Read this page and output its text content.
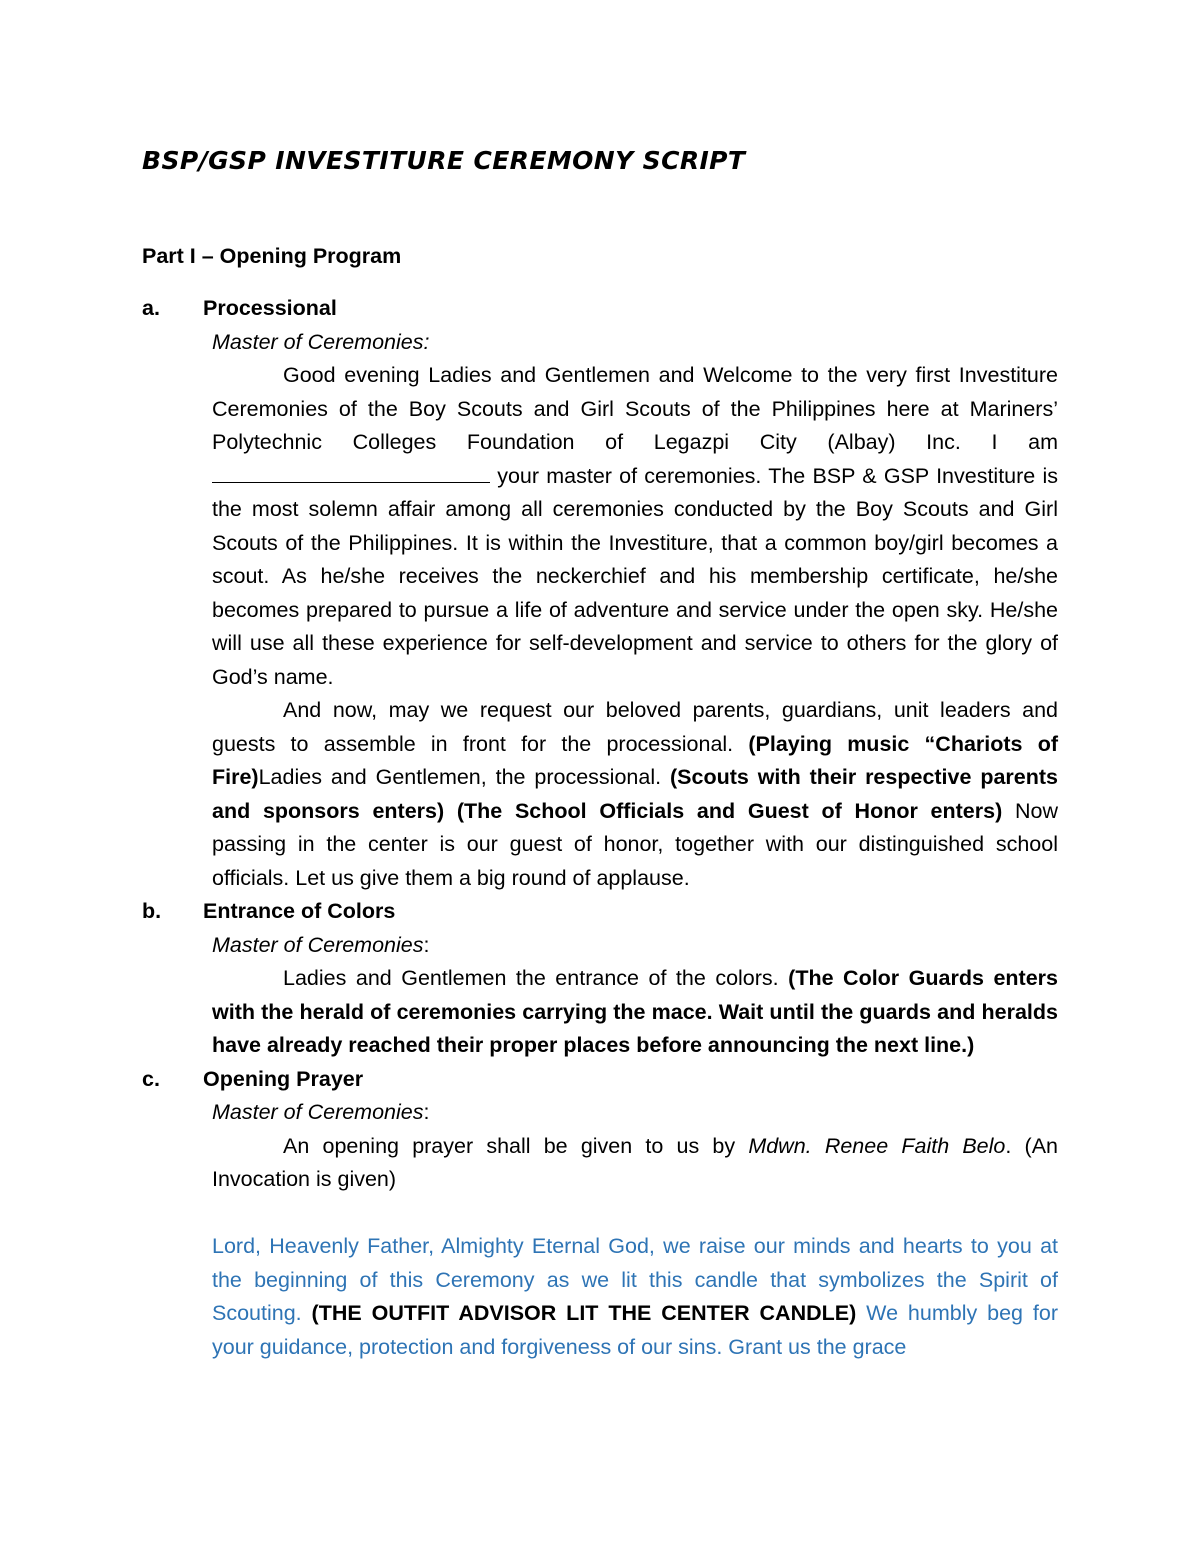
BSP/GSP INVESTITURE CEREMONY SCRIPT
Part I – Opening Program

a. Processional

Master of Ceremonies:

Good evening Ladies and Gentlemen and Welcome to the very first Investiture Ceremonies of the Boy Scouts and Girl Scouts of the Philippines here at Mariners’ Polytechnic Colleges Foundation of Legazpi City (Albay) Inc. I am  your master of ceremonies. The BSP & GSP Investiture is the most solemn affair among all ceremonies conducted by the Boy Scouts and Girl Scouts of the Philippines. It is within the Investiture, that a common boy/girl becomes a scout. As he/she receives the neckerchief and his membership certificate, he/she becomes prepared to pursue a life of adventure and service under the open sky. He/she will use all these experience for self-development and service to others for the glory of God’s name.

And now, may we request our beloved parents, guardians, unit leaders and guests to assemble in front for the processional. (Playing music “Chariots of Fire)Ladies and Gentlemen, the processional. (Scouts with their respective parents and sponsors enters) (The School Officials and Guest of Honor enters) Now passing in the center is our guest of honor, together with our distinguished school officials. Let us give them a big round of applause.

b. Entrance of Colors

Master of Ceremonies:

Ladies and Gentlemen the entrance of the colors. (The Color Guards enters with the herald of ceremonies carrying the mace. Wait until the guards and heralds have already reached their proper places before announcing the next line.)

c. Opening Prayer

Master of Ceremonies:

An opening prayer shall be given to us by Mdwn. Renee Faith Belo. (An Invocation is given)

Lord, Heavenly Father, Almighty Eternal God, we raise our minds and hearts to you at the beginning of this Ceremony as we lit this candle that symbolizes the Spirit of Scouting. (THE OUTFIT ADVISOR LIT THE CENTER CANDLE) We humbly beg for your guidance, protection and forgiveness of our sins. Grant us the grace
